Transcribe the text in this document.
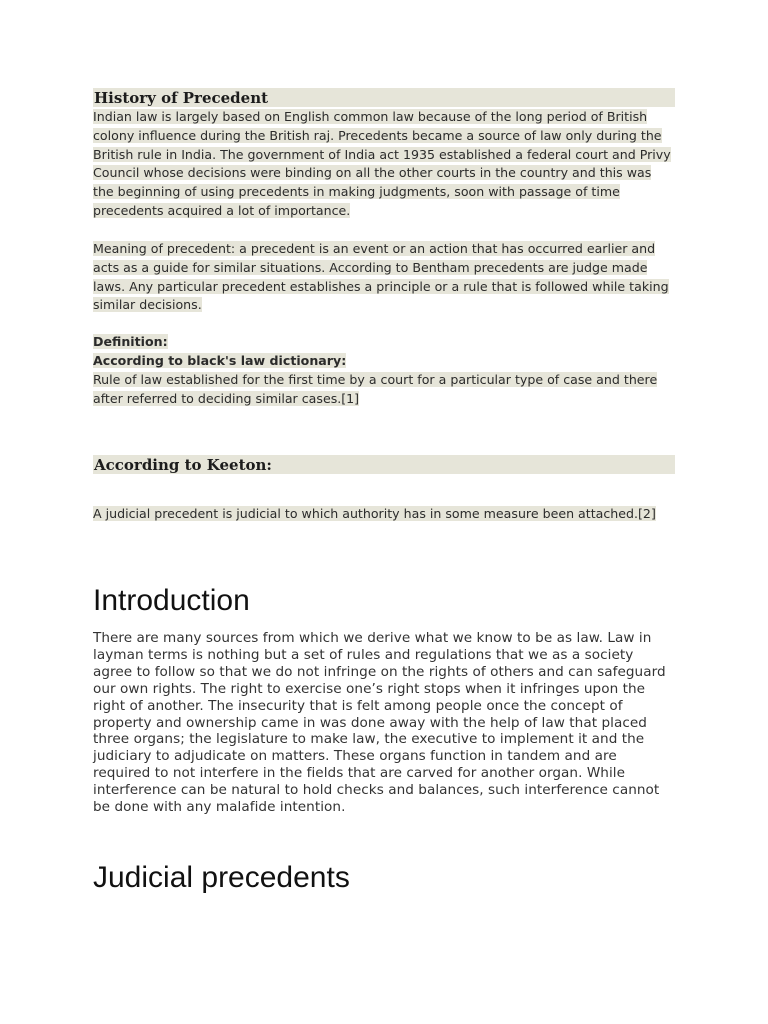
History of Precedent

Indian law is largely based on English common law because of the long period of British colony influence during the British raj. Precedents became a source of law only during the British rule in India. The government of India act 1935 established a federal court and Privy Council whose decisions were binding on all the other courts in the country and this was the beginning of using precedents in making judgments, soon with passage of time precedents acquired a lot of importance.

Meaning of precedent: a precedent is an event or an action that has occurred earlier and acts as a guide for similar situations. According to Bentham precedents are judge made laws. Any particular precedent establishes a principle or a rule that is followed while taking similar decisions.

Definition:

According to black's law dictionary:

Rule of law established for the first time by a court for a particular type of case and there after referred to deciding similar cases.[1]

According to Keeton:

A judicial precedent is judicial to which authority has in some measure been attached.[2]

Introduction

There are many sources from which we derive what we know to be as law. Law in layman terms is nothing but a set of rules and regulations that we as a society agree to follow so that we do not infringe on the rights of others and can safeguard our own rights. The right to exercise one’s right stops when it infringes upon the right of another. The insecurity that is felt among people once the concept of property and ownership came in was done away with the help of law that placed three organs; the legislature to make law, the executive to implement it and the judiciary to adjudicate on matters. These organs function in tandem and are required to not interfere in the fields that are carved for another organ. While interference can be natural to hold checks and balances, such interference cannot be done with any malafide intention.

Judicial precedents
